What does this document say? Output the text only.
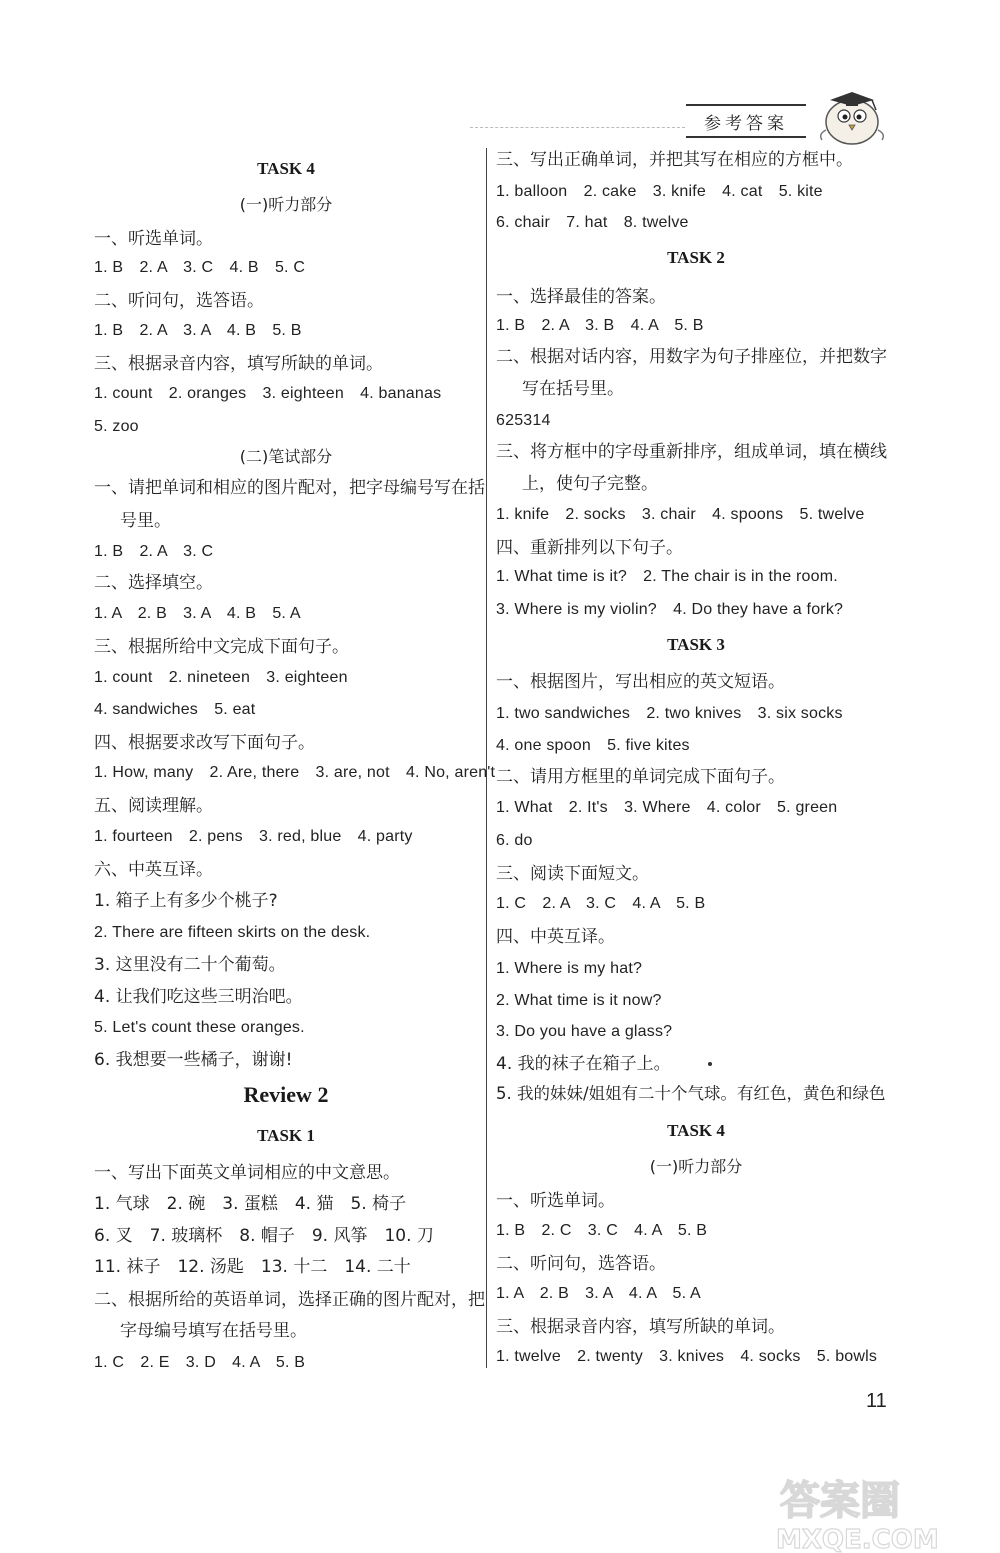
参考答案
TASK 4
(一)听力部分
一、听选单词。
1. B　2. A　3. C　4. B　5. C
二、听问句，选答语。
1. B　2. A　3. A　4. B　5. B
三、根据录音内容，填写所缺的单词。
1. count　2. oranges　3. eighteen　4. bananas
5. zoo
(二)笔试部分
一、请把单词和相应的图片配对，把字母编号写在括
号里。
1. B　2. A　3. C
二、选择填空。
1. A　2. B　3. A　4. B　5. A
三、根据所给中文完成下面句子。
1. count　2. nineteen　3. eighteen
4. sandwiches　5. eat
四、根据要求改写下面句子。
1. How, many　2. Are, there　3. are, not　4. No, aren't
五、阅读理解。
1. fourteen　2. pens　3. red, blue　4. party
六、中英互译。
1. 箱子上有多少个桃子?
2. There are fifteen skirts on the desk.
3. 这里没有二十个葡萄。
4. 让我们吃这些三明治吧。
5. Let's count these oranges.
6. 我想要一些橘子，谢谢!
Review 2
TASK 1
一、写出下面英文单词相应的中文意思。
1. 气球　2. 碗　3. 蛋糕　4. 猫　5. 椅子
6. 叉　7. 玻璃杯　8. 帽子　9. 风筝　10. 刀
11. 袜子　12. 汤匙　13. 十二　14. 二十
二、根据所给的英语单词，选择正确的图片配对，把
字母编号填写在括号里。
1. C　2. E　3. D　4. A　5. B
三、写出正确单词，并把其写在相应的方框中。
1. balloon　2. cake　3. knife　4. cat　5. kite
6. chair　7. hat　8. twelve
TASK 2
一、选择最佳的答案。
1. B　2. A　3. B　4. A　5. B
二、根据对话内容，用数字为句子排座位，并把数字
写在括号里。
625314
三、将方框中的字母重新排序，组成单词，填在横线
上，使句子完整。
1. knife　2. socks　3. chair　4. spoons　5. twelve
四、重新排列以下句子。
1. What time is it?　2. The chair is in the room.
3. Where is my violin?　4. Do they have a fork?
TASK 3
一、根据图片，写出相应的英文短语。
1. two sandwiches　2. two knives　3. six socks
4. one spoon　5. five kites
二、请用方框里的单词完成下面句子。
1. What　2. It's　3. Where　4. color　5. green
6. do
三、阅读下面短文。
1. C　2. A　3. C　4. A　5. B
四、中英互译。
1. Where is my hat?
2. What time is it now?
3. Do you have a glass?
4. 我的袜子在箱子上。
5. 我的妹妹/姐姐有二十个气球。有红色，黄色和绿色
TASK 4
(一)听力部分
一、听选单词。
1. B　2. C　3. C　4. A　5. B
二、听问句，选答语。
1. A　2. B　3. A　4. A　5. A
三、根据录音内容，填写所缺的单词。
1. twelve　2. twenty　3. knives　4. socks　5. bowls
11
答案圈
MXQE.COM
